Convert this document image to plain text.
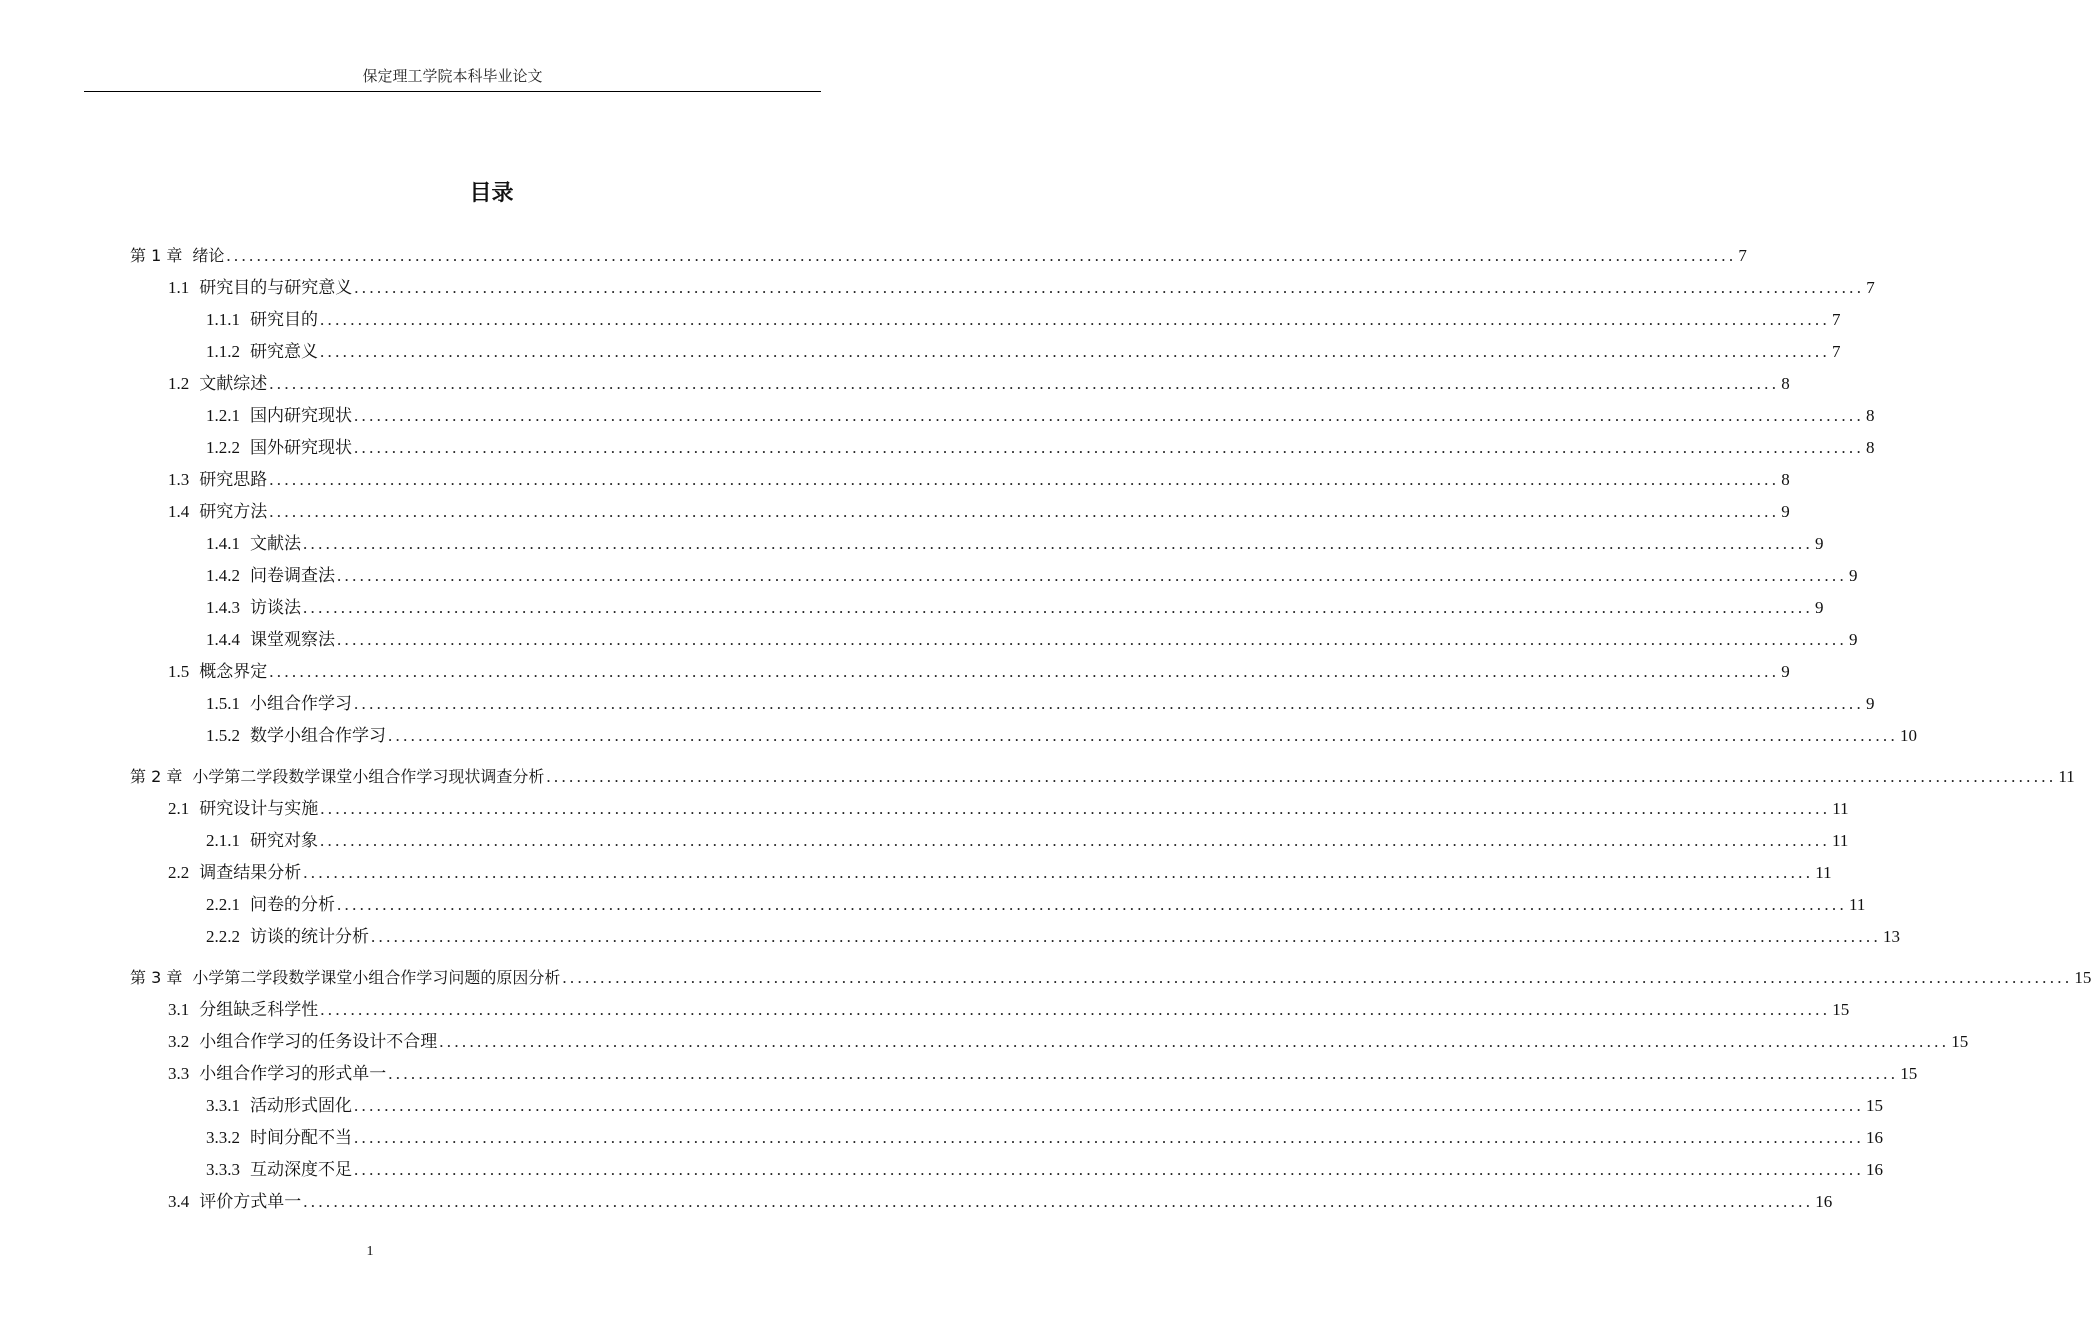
保定理工学院本科毕业论文
目录
第 1 章 绪论 ........................................................................................................................................................................................................ 7
1.1 研究目的与研究意义 ........................................................................................................................................................................................................ 7
1.1.1 研究目的 ........................................................................................................................................................................................................ 7
1.1.2 研究意义 ........................................................................................................................................................................................................ 7
1.2 文献综述 ........................................................................................................................................................................................................ 8
1.2.1 国内研究现状 ........................................................................................................................................................................................................ 8
1.2.2 国外研究现状 ........................................................................................................................................................................................................ 8
1.3 研究思路 ........................................................................................................................................................................................................ 8
1.4 研究方法 ........................................................................................................................................................................................................ 9
1.4.1 文献法 ........................................................................................................................................................................................................ 9
1.4.2 问卷调查法 ........................................................................................................................................................................................................ 9
1.4.3 访谈法 ........................................................................................................................................................................................................ 9
1.4.4 课堂观察法 ........................................................................................................................................................................................................ 9
1.5 概念界定 ........................................................................................................................................................................................................ 9
1.5.1 小组合作学习 ........................................................................................................................................................................................................ 9
1.5.2 数学小组合作学习 ........................................................................................................................................................................................................ 10
第 2 章 小学第二学段数学课堂小组合作学习现状调查分析 ........................................................................................................................................................................................................ 11
2.1 研究设计与实施 ........................................................................................................................................................................................................ 11
2.1.1 研究对象 ........................................................................................................................................................................................................ 11
2.2 调查结果分析 ........................................................................................................................................................................................................ 11
2.2.1 问卷的分析 ........................................................................................................................................................................................................ 11
2.2.2 访谈的统计分析 ........................................................................................................................................................................................................ 13
第 3 章 小学第二学段数学课堂小组合作学习问题的原因分析 ........................................................................................................................................................................................................ 15
3.1 分组缺乏科学性 ........................................................................................................................................................................................................ 15
3.2 小组合作学习的任务设计不合理 ........................................................................................................................................................................................................ 15
3.3 小组合作学习的形式单一 ........................................................................................................................................................................................................ 15
3.3.1 活动形式固化 ........................................................................................................................................................................................................ 15
3.3.2 时间分配不当 ........................................................................................................................................................................................................ 16
3.3.3 互动深度不足 ........................................................................................................................................................................................................ 16
3.4 评价方式单一 ........................................................................................................................................................................................................ 16
1
